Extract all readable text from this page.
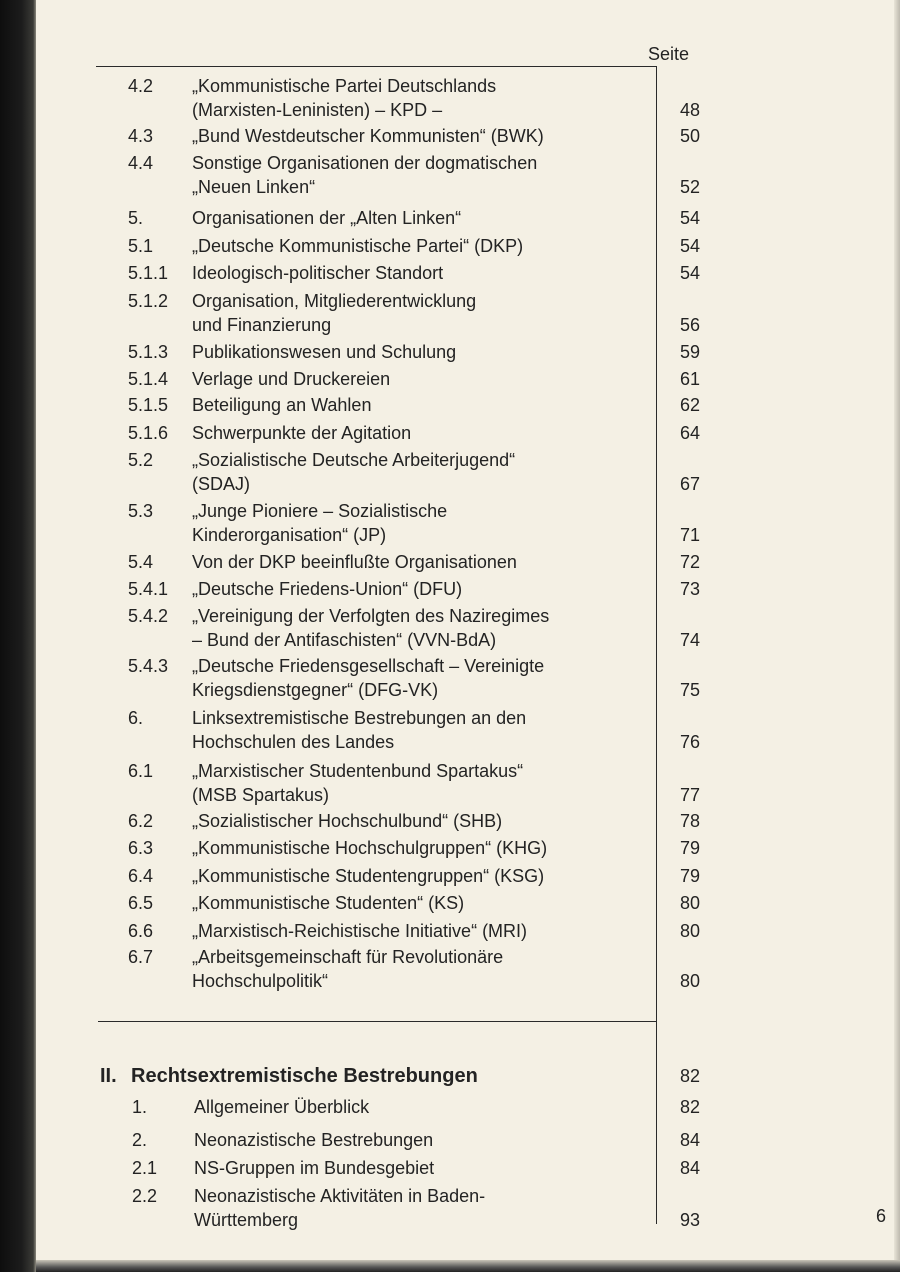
Seite
4.2 „Kommunistische Partei Deutschlands
(Marxisten-Leninisten) – KPD –	48
4.3 „Bund Westdeutscher Kommunisten“ (BWK)	50
4.4 Sonstige Organisationen der dogmatischen
„Neuen Linken“	52
5.	Organisationen der „Alten Linken“	54
5.1 „Deutsche Kommunistische Partei“ (DKP)	54
5.1.1 Ideologisch-politischer Standort	54
5.1.2 Organisation, Mitgliederentwicklung
und Finanzierung	56
5.1.3 Publikationswesen und Schulung	59
5.1.4 Verlage und Druckereien	61
5.1.5 Beteiligung an Wahlen	62
5.1.6 Schwerpunkte der Agitation	64
5.2 „Sozialistische Deutsche Arbeiterjugend“
(SDAJ)	67
5.3 „Junge Pioniere – Sozialistische
Kinderorganisation“ (JP)	71
5.4 Von der DKP beeinflußte Organisationen	72
5.4.1 „Deutsche Friedens-Union“ (DFU)	73
5.4.2 „Vereinigung der Verfolgten des Naziregimes
– Bund der Antifaschisten“ (VVN-BdA)	74
5.4.3 „Deutsche Friedensgesellschaft – Vereinigte
Kriegsdienstgegner“ (DFG-VK)	75
6.	Linksextremistische Bestrebungen an den
Hochschulen des Landes	76
6.1 „Marxistischer Studentenbund Spartakus“
(MSB Spartakus)	77
6.2 „Sozialistischer Hochschulbund“ (SHB)	78
6.3 „Kommunistische Hochschulgruppen“ (KHG)	79
6.4 „Kommunistische Studentengruppen“ (KSG)	79
6.5 „Kommunistische Studenten“ (KS)	80
6.6 „Marxistisch-Reichistische Initiative“ (MRI)	80
6.7 „Arbeitsgemeinschaft für Revolutionäre
Hochschulpolitik“	80
II. Rechtsextremistische Bestrebungen	82
1.	Allgemeiner Überblick	82
2.	Neonazistische Bestrebungen	84
2.1 NS-Gruppen im Bundesgebiet	84
2.2 Neonazistische Aktivitäten in Baden-
Württemberg	93	6
